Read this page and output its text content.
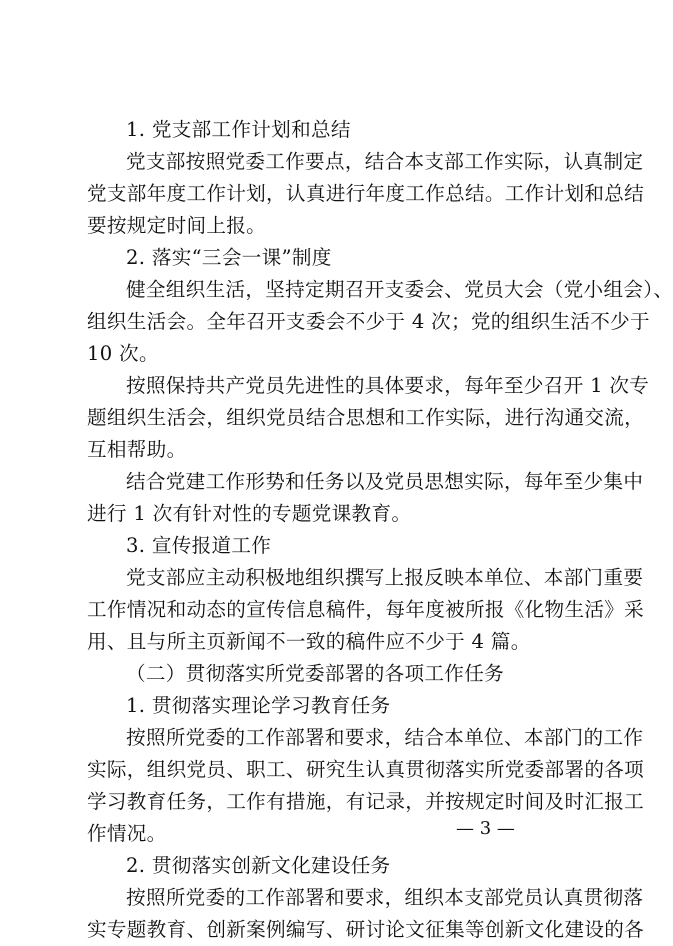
1. 党支部工作计划和总结
党支部按照党委工作要点，结合本支部工作实际，认真制定
党支部年度工作计划，认真进行年度工作总结。工作计划和总结
要按规定时间上报。
2. 落实“三会一课”制度
健全组织生活，坚持定期召开支委会、党员大会（党小组会）、
组织生活会。全年召开支委会不少于 4 次；党的组织生活不少于
10 次。
按照保持共产党员先进性的具体要求，每年至少召开 1 次专
题组织生活会，组织党员结合思想和工作实际，进行沟通交流，
互相帮助。
结合党建工作形势和任务以及党员思想实际，每年至少集中
进行 1 次有针对性的专题党课教育。
3. 宣传报道工作
党支部应主动积极地组织撰写上报反映本单位、本部门重要
工作情况和动态的宣传信息稿件，每年度被所报《化物生活》采
用、且与所主页新闻不一致的稿件应不少于 4 篇。
（二）贯彻落实所党委部署的各项工作任务
1. 贯彻落实理论学习教育任务
按照所党委的工作部署和要求，结合本单位、本部门的工作
实际，组织党员、职工、研究生认真贯彻落实所党委部署的各项
学习教育任务，工作有措施，有记录，并按规定时间及时汇报工
作情况。
2. 贯彻落实创新文化建设任务
按照所党委的工作部署和要求，组织本支部党员认真贯彻落
实专题教育、创新案例编写、研讨论文征集等创新文化建设的各
— 3 —
